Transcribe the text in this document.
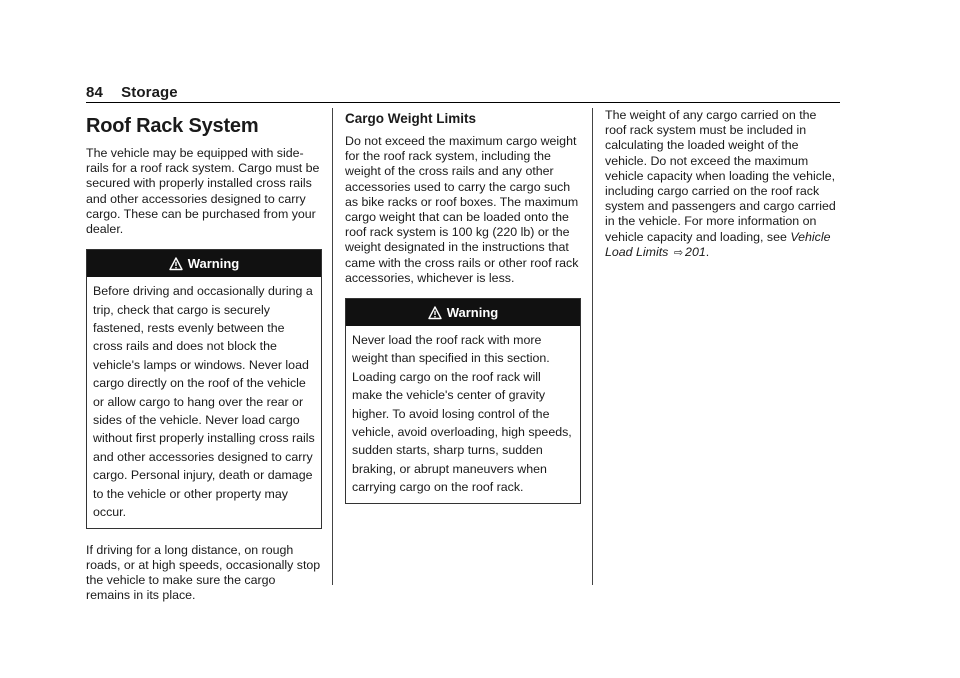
84 Storage
Roof Rack System

The vehicle may be equipped with side-rails for a roof rack system. Cargo must be secured with properly installed cross rails and other accessories designed to carry cargo. These can be purchased from your dealer.

Warning
Before driving and occasionally during a trip, check that cargo is securely fastened, rests evenly between the cross rails and does not block the vehicle's lamps or windows. Never load cargo directly on the roof of the vehicle or allow cargo to hang over the rear or sides of the vehicle. Never load cargo without first properly installing cross rails and other accessories designed to carry cargo. Personal injury, death or damage to the vehicle or other property may occur.

If driving for a long distance, on rough roads, or at high speeds, occasionally stop the vehicle to make sure the cargo remains in its place.

Cargo Weight Limits

Do not exceed the maximum cargo weight for the roof rack system, including the weight of the cross rails and any other accessories used to carry the cargo such as bike racks or roof boxes. The maximum cargo weight that can be loaded onto the roof rack system is 100 kg (220 lb) or the weight designated in the instructions that came with the cross rails or other roof rack accessories, whichever is less.

Warning
Never load the roof rack with more weight than specified in this section. Loading cargo on the roof rack will make the vehicle's center of gravity higher. To avoid losing control of the vehicle, avoid overloading, high speeds, sudden starts, sharp turns, sudden braking, or abrupt maneuvers when carrying cargo on the roof rack.

The weight of any cargo carried on the roof rack system must be included in calculating the loaded weight of the vehicle. Do not exceed the maximum vehicle capacity when loading the vehicle, including cargo carried on the roof rack system and passengers and cargo carried in the vehicle. For more information on vehicle capacity and loading, see Vehicle Load Limits ⇨ 201.
